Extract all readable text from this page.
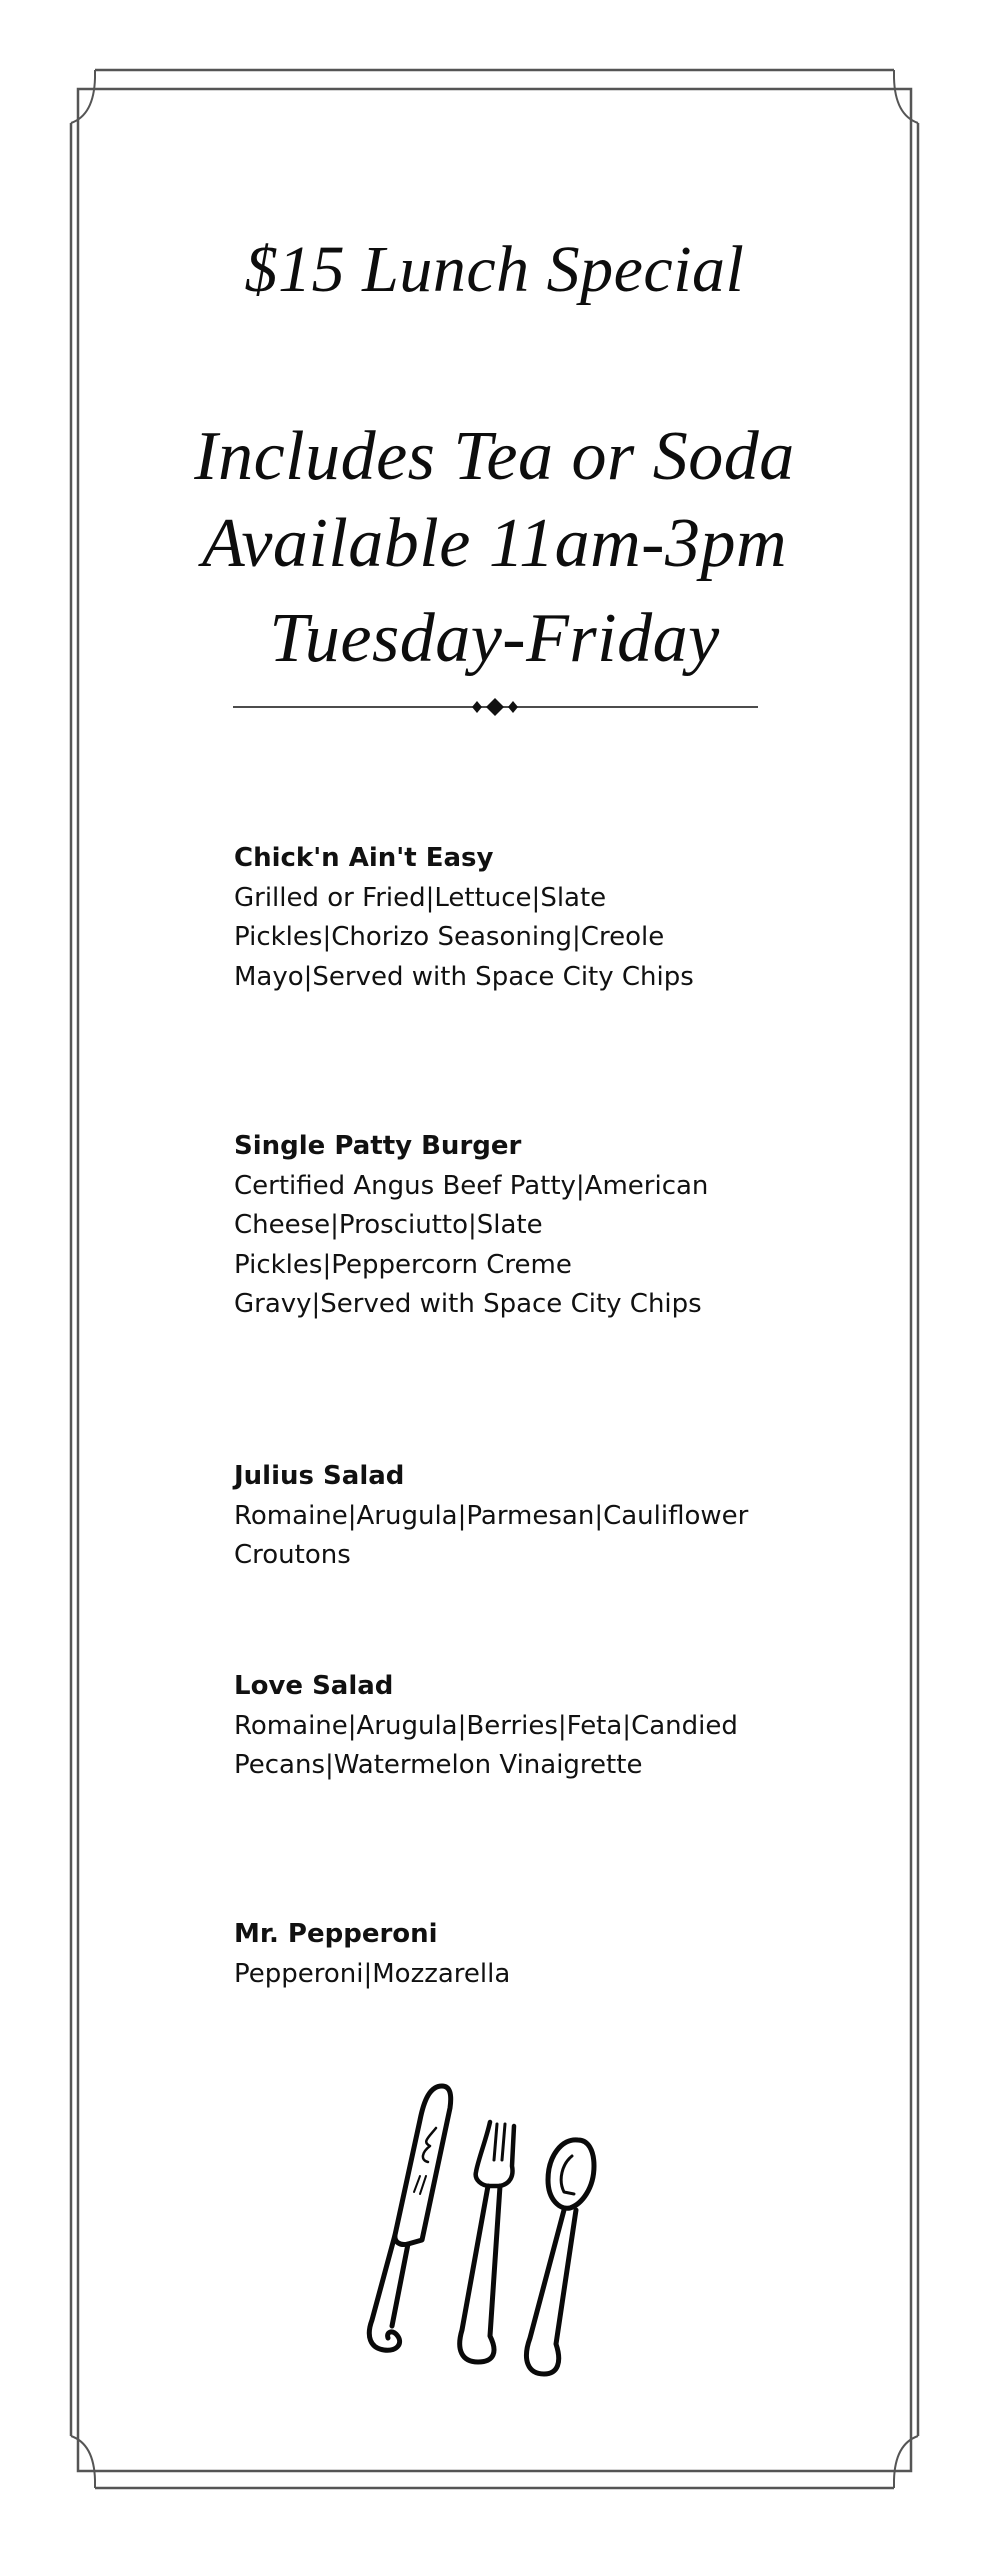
$15 Lunch Special
Includes Tea or Soda
Available 11am-3pm
Tuesday-Friday
Chick'n Ain't Easy
Grilled or Fried|Lettuce|Slate Pickles|Chorizo Seasoning|Creole Mayo|Served with Space City Chips
Single Patty Burger
Certified Angus Beef Patty|American Cheese|Prosciutto|Slate Pickles|Peppercorn Creme Gravy|Served with Space City Chips
Julius Salad
Romaine|Arugula|Parmesan|Cauliflower Croutons
Love Salad
Romaine|Arugula|Berries|Feta|Candied Pecans|Watermelon Vinaigrette
Mr. Pepperoni
Pepperoni|Mozzarella
